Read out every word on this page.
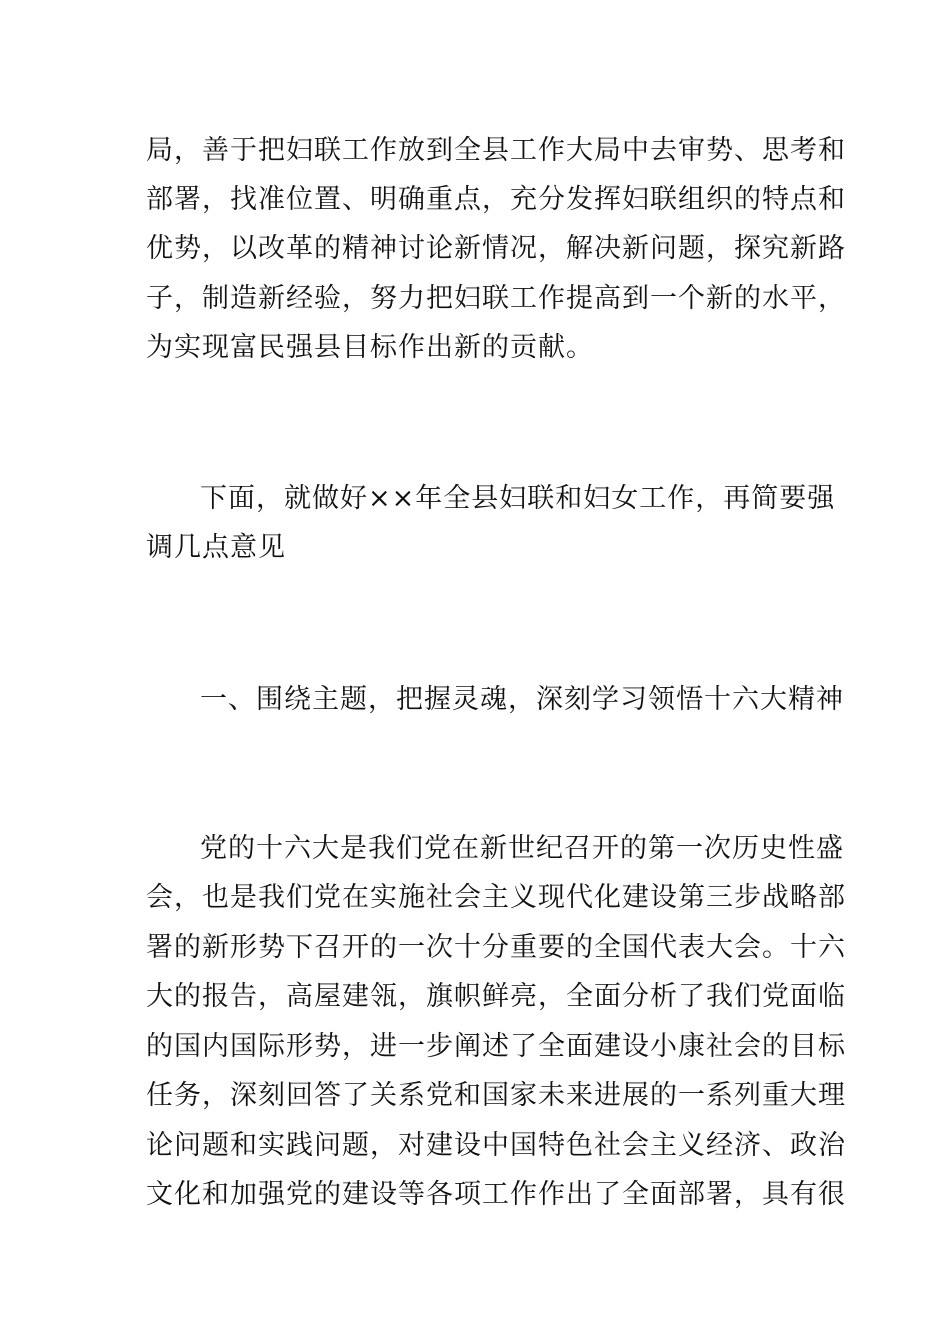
局，善于把妇联工作放到全县工作大局中去审势、思考和
部署，找准位置、明确重点，充分发挥妇联组织的特点和
优势，以改革的精神讨论新情况，解决新问题，探究新路
子，制造新经验，努力把妇联工作提高到一个新的水平，
为实现富民强县目标作出新的贡献。
下面，就做好××年全县妇联和妇女工作，再简要强
调几点意见
一、围绕主题，把握灵魂，深刻学习领悟十六大精神
党的十六大是我们党在新世纪召开的第一次历史性盛
会，也是我们党在实施社会主义现代化建设第三步战略部
署的新形势下召开的一次十分重要的全国代表大会。十六
大的报告，高屋建瓴，旗帜鲜亮，全面分析了我们党面临
的国内国际形势，进一步阐述了全面建设小康社会的目标
任务，深刻回答了关系党和国家未来进展的一系列重大理
论问题和实践问题，对建设中国特色社会主义经济、政治
文化和加强党的建设等各项工作作出了全面部署，具有很
